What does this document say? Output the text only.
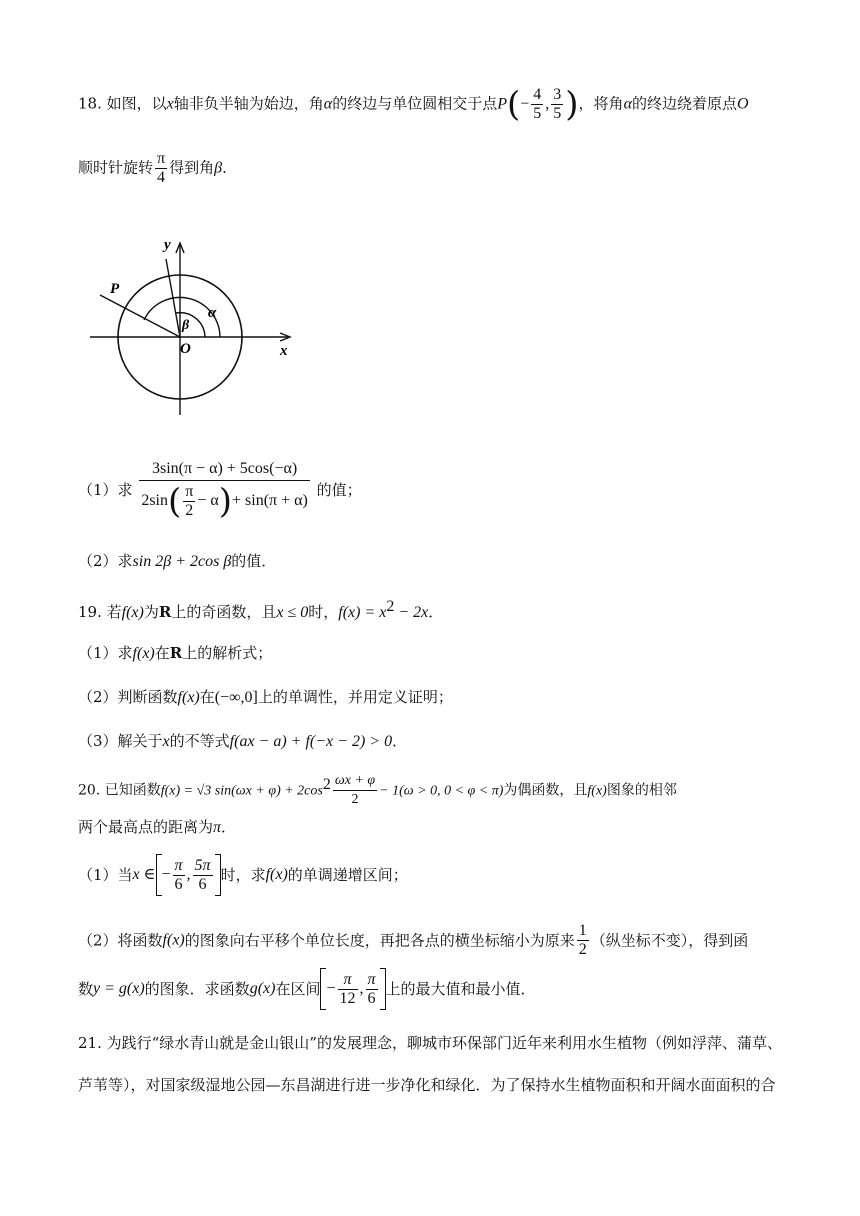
18. 如图，以x轴非负半轴为始边，角α的终边与单位圆相交于点$P(- \frac{4}{5}$ , $\frac{3}{5}$ )，将角α的终边绕着原点O
顺时针旋转 $\frac{\pi}{4}$ 得到角β．
y
x
P
O
α
β
（1）求 $\frac{3\sin(\pi - \alpha) + 5\cos(-\alpha)}{2\sin( \frac{\pi}{2} - \alpha)+ \sin(\pi + \alpha)}$ 的值；
（2）求sin 2β + 2cos β的值．
19. 若f(x)为R上的奇函数，且x ≤ 0时，$f(x) = x^2 - 2x$．
（1）求f(x)在R上的解析式；
（2）判断函数f(x)在(−∞,0]上的单调性，并用定义证明；
（3）解关于x的不等式f(ax − a) + f(−x − 2) > 0．
20. 已知函数f(x) = √3 $\sin(\omega x + \varphi) + 2\cos^2 \frac{\omega x + \varphi}{2} - 1(\omega > 0$, 0 < φ < π)为偶函数，且f(x)图象的相邻
两个最高点的距离为π．
（1）当x ∈ − $\frac{\pi}{6}$ , $\frac{5\pi}{6}$ 时，求f(x)的单调递增区间；
（2）将函数f(x)的图象向右平移个单位长度，再把各点的横坐标缩小为原来 $\frac{1}{2}$ （纵坐标不变），得到函
数y = g(x)的图象．求函数g(x)在区间 − $\frac{\pi}{12}$ , $\frac{\pi}{6}$ 上的最大值和最小值．
21. 为践行“绿水青山就是金山银山”的发展理念，聊城市环保部门近年来利用水生植物（例如浮萍、蒲草、
芦苇等），对国家级湿地公园—东昌湖进行进一步净化和绿化．为了保持水生植物面积和开阔水面面积的合
